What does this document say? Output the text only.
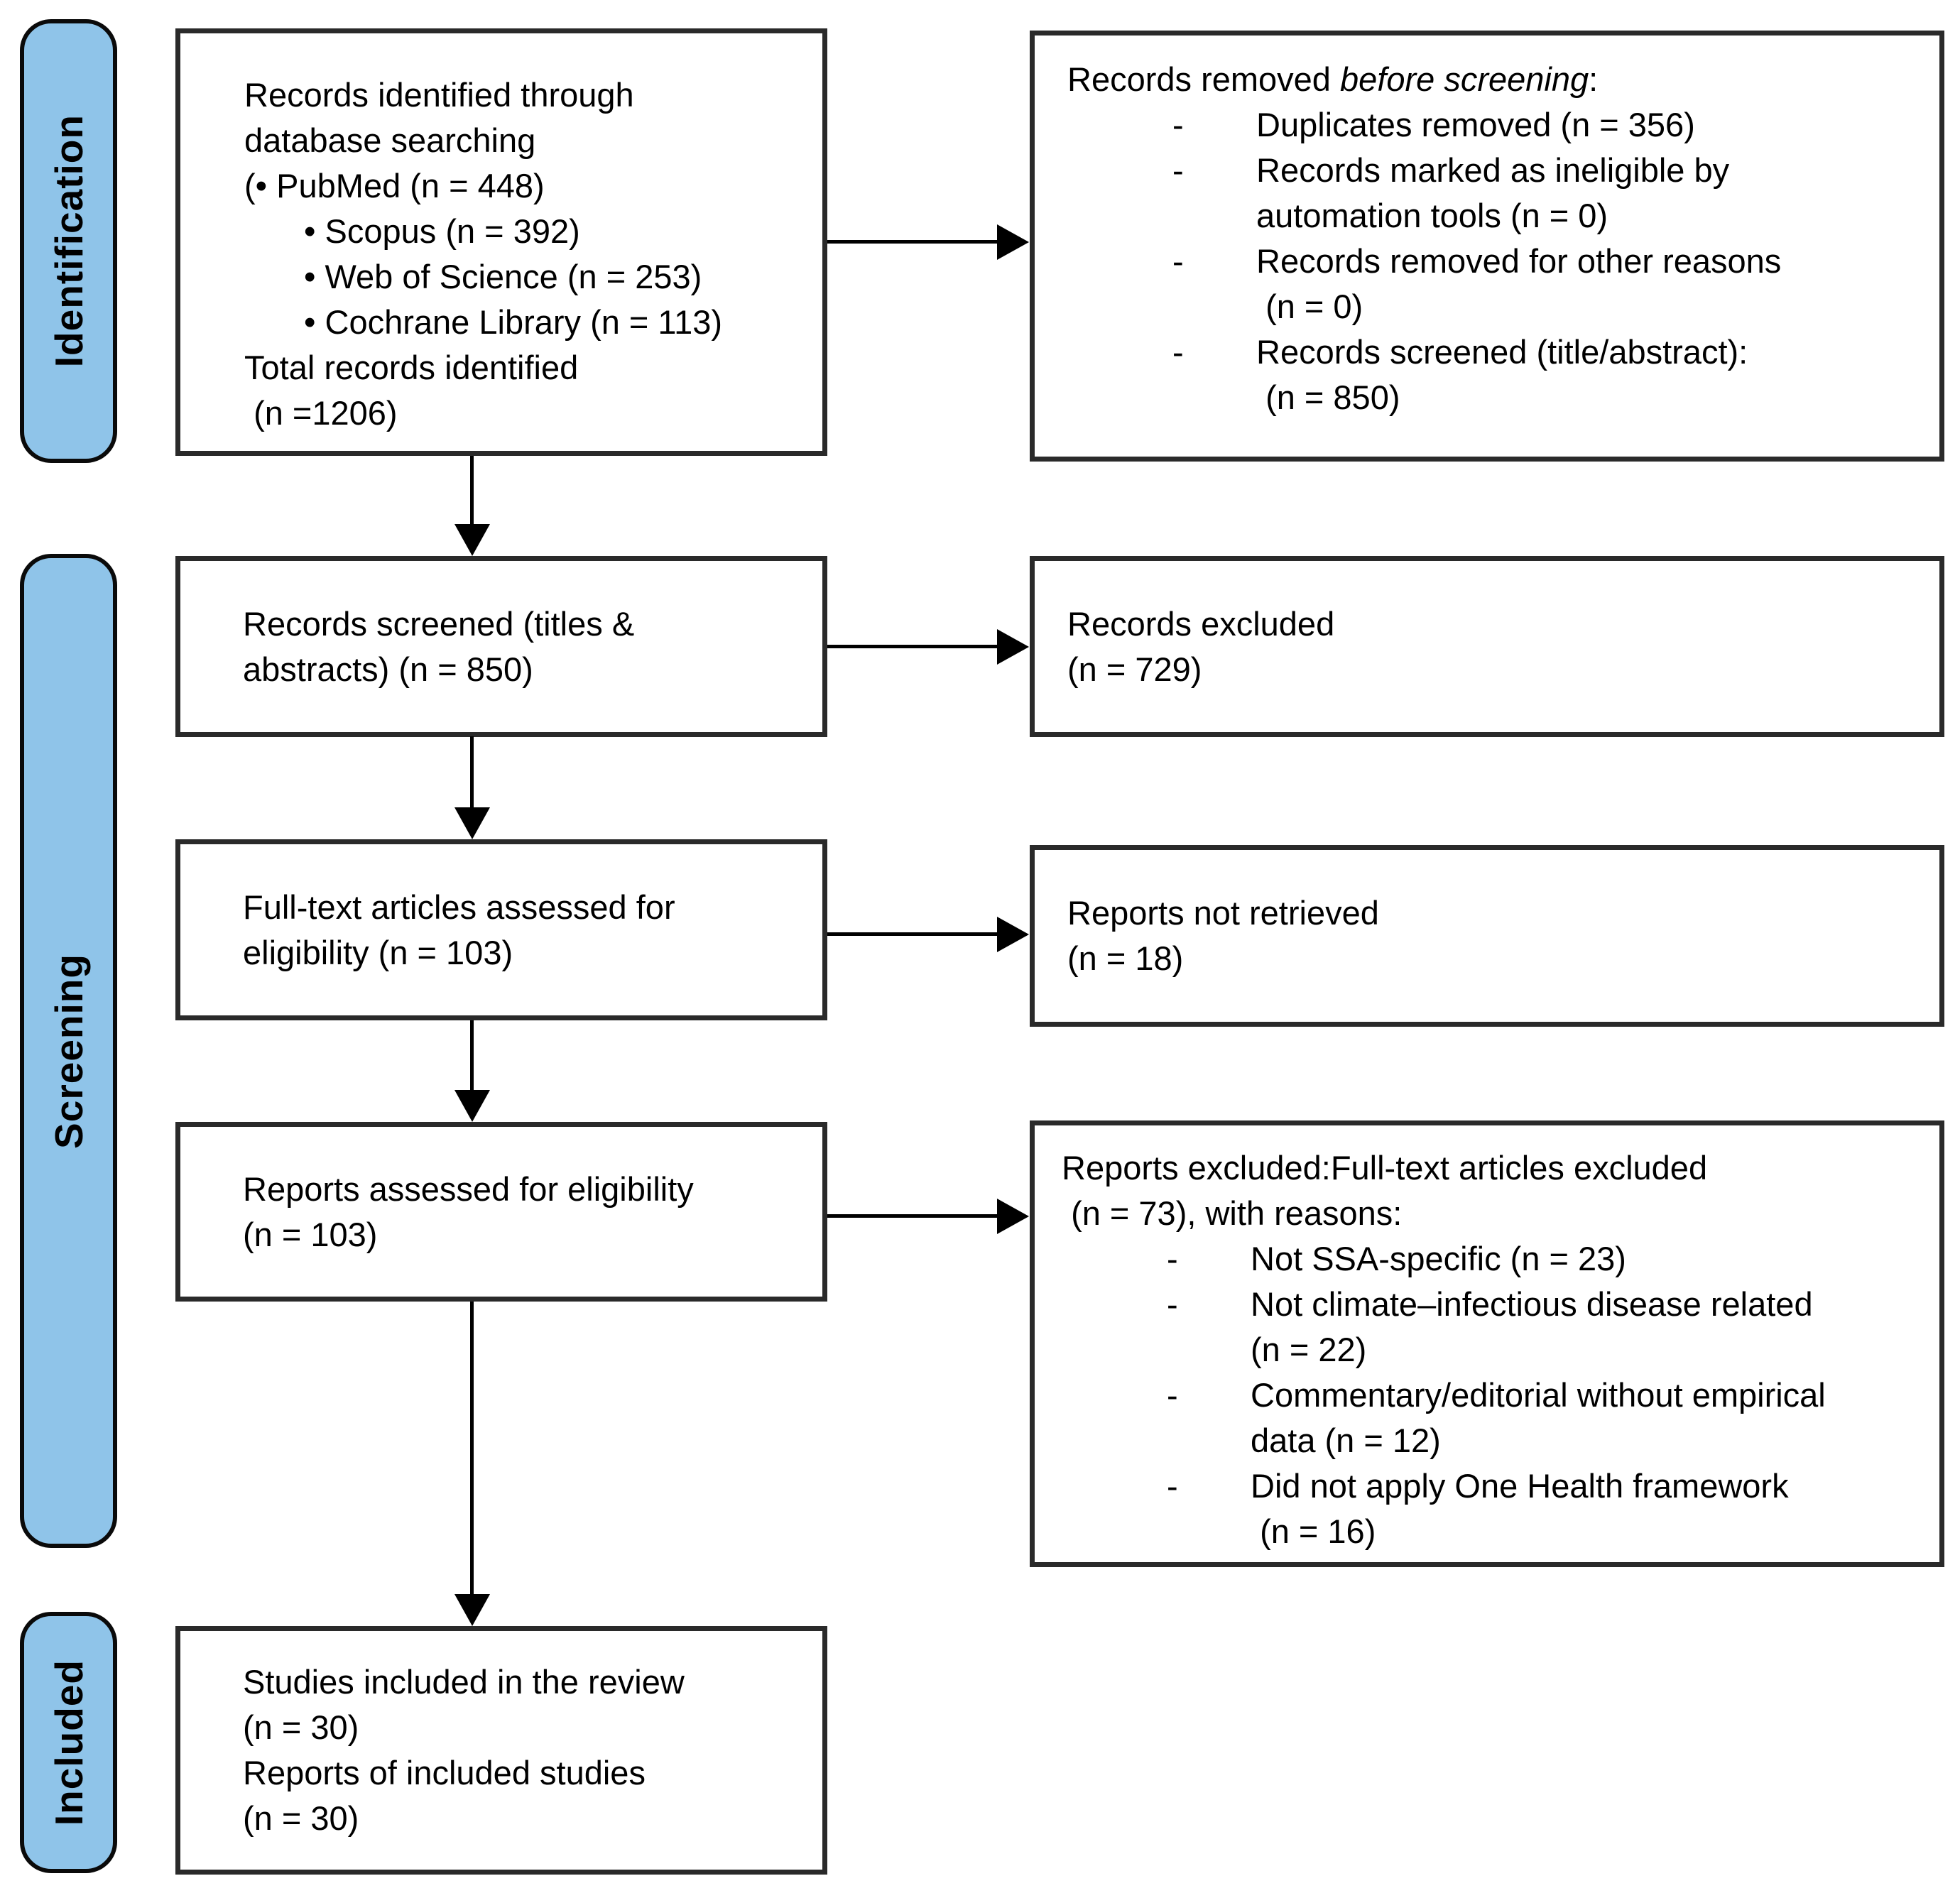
Identification
Screening
Included
Records identified through
database searching
(• PubMed (n = 448)
• Scopus (n = 392)
• Web of Science (n = 253)
• Cochrane Library (n = 113)
Total records identified
(n =1206)
Records removed before screening:
-	Duplicates removed (n = 356)
-	Records marked as ineligible by
automation tools (n = 0)
-	Records removed for other reasons
(n = 0)
-	Records screened (title/abstract):
(n = 850)
Records screened (titles &
abstracts) (n = 850)
Records excluded
(n = 729)
Full-text articles assessed for
eligibility (n = 103)
Reports not retrieved
(n = 18)
Reports assessed for eligibility
(n = 103)
Reports excluded:Full-text articles excluded
(n = 73), with reasons:
-	Not SSA-specific (n = 23)
-	Not climate–infectious disease related
(n = 22)
-	Commentary/editorial without empirical
data (n = 12)
-	Did not apply One Health framework
(n = 16)
Studies included in the review
(n = 30)
Reports of included studies
(n = 30)
